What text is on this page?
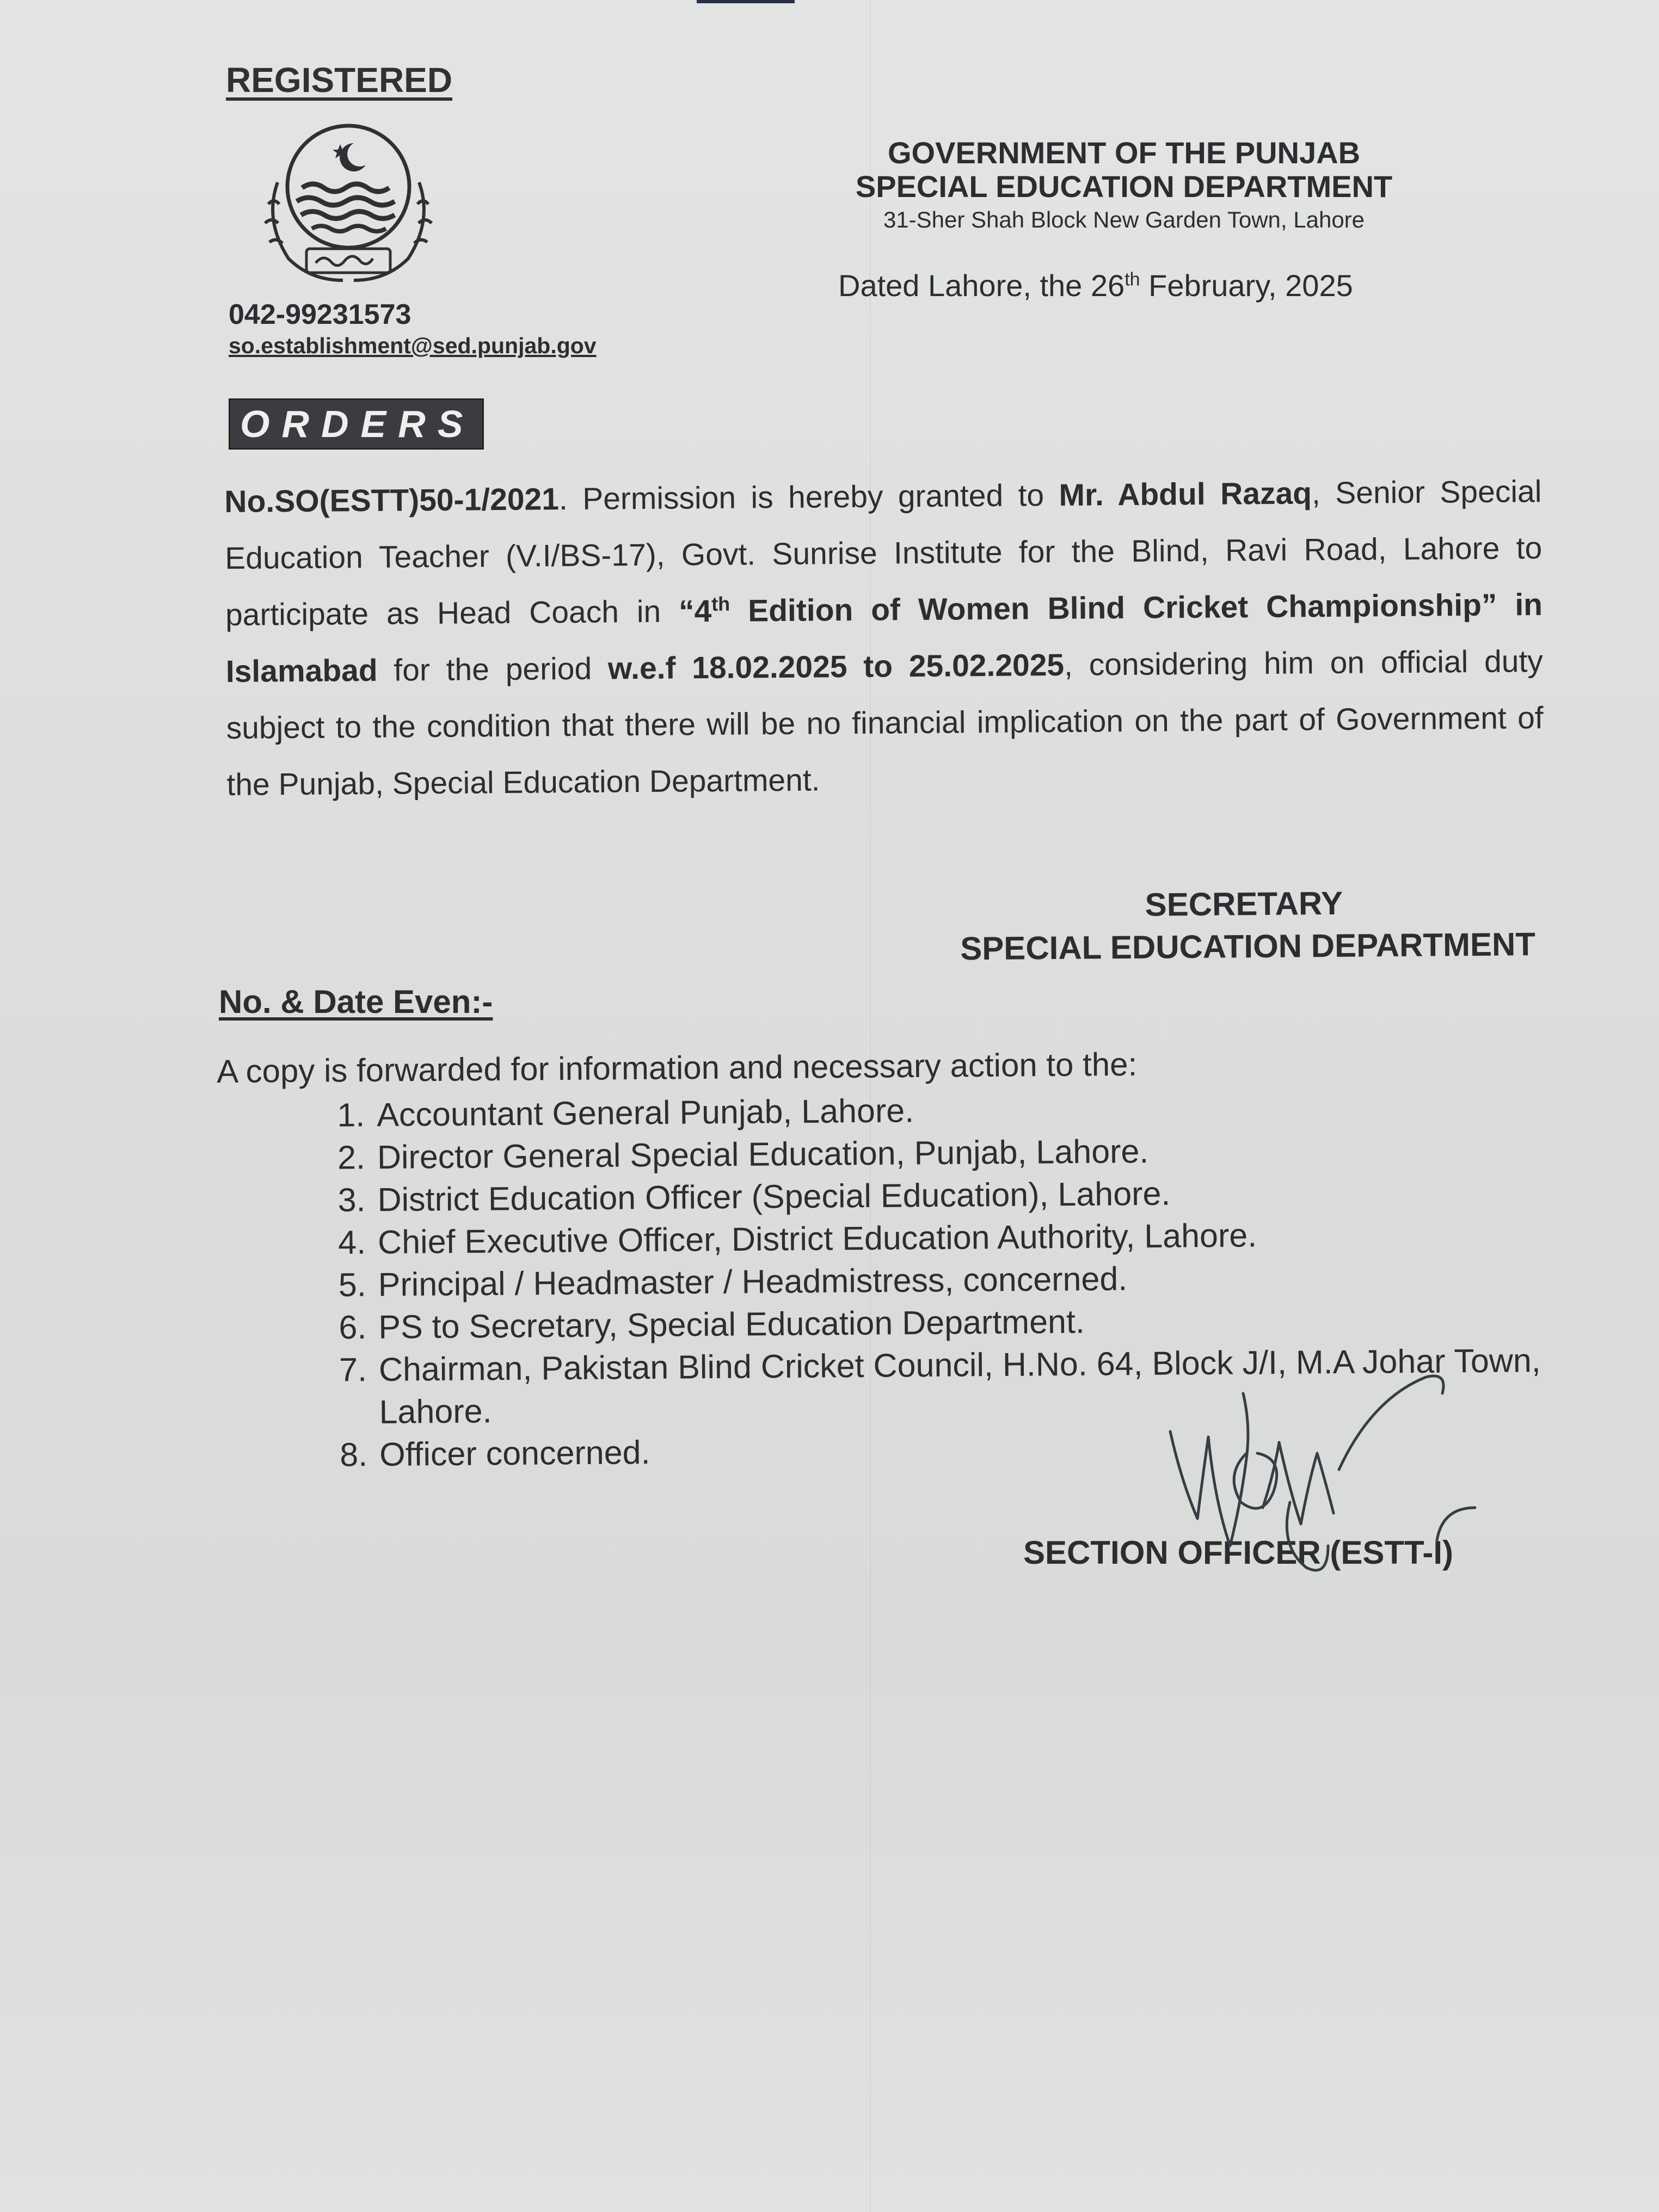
REGISTERED
042-99231573
so.establishment@sed.punjab.gov
GOVERNMENT OF THE PUNJAB
SPECIAL EDUCATION DEPARTMENT
31-Sher Shah Block New Garden Town, Lahore
Dated Lahore, the 26th February, 2025
ORDERS
No.SO(ESTT)50-1/2021. Permission is hereby granted to Mr. Abdul Razaq, Senior Special Education Teacher (V.I/BS-17), Govt. Sunrise Institute for the Blind, Ravi Road, Lahore to participate as Head Coach in “4th Edition of Women Blind Cricket Championship” in Islamabad for the period w.e.f 18.02.2025 to 25.02.2025, considering him on official duty subject to the condition that there will be no financial implication on the part of Government of the Punjab, Special Education Department.
SECRETARY
SPECIAL EDUCATION DEPARTMENT
No. & Date Even:-
A copy is forwarded for information and necessary action to the:
1. Accountant General Punjab, Lahore.
2. Director General Special Education, Punjab, Lahore.
3. District Education Officer (Special Education), Lahore.
4. Chief Executive Officer, District Education Authority, Lahore.
5. Principal / Headmaster / Headmistress, concerned.
6. PS to Secretary, Special Education Department.
7. Chairman, Pakistan Blind Cricket Council, H.No. 64, Block J/I, M.A Johar Town, Lahore.
8. Officer concerned.
SECTION OFFICER (ESTT-I)
